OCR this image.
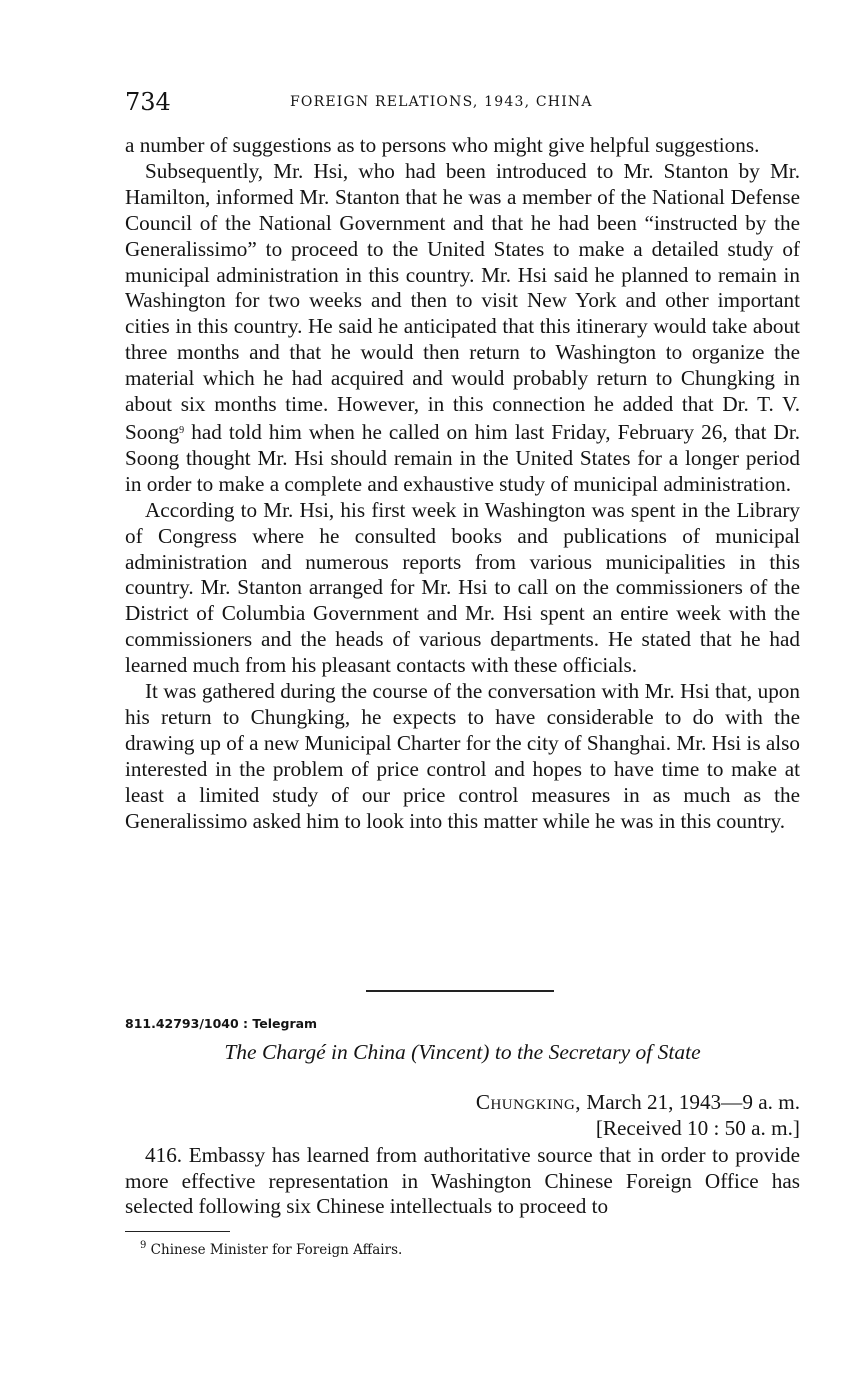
734	FOREIGN RELATIONS, 1943, CHINA

a number of suggestions as to persons who might give helpful suggestions.

Subsequently, Mr. Hsi, who had been introduced to Mr. Stanton by Mr. Hamilton, informed Mr. Stanton that he was a member of the National Defense Council of the National Government and that he had been “instructed by the Generalissimo” to proceed to the United States to make a detailed study of municipal administration in this country. Mr. Hsi said he planned to remain in Washington for two weeks and then to visit New York and other important cities in this country. He said he anticipated that this itinerary would take about three months and that he would then return to Washington to organize the material which he had acquired and would probably return to Chungking in about six months time. However, in this connection he added that Dr. T. V. Soong$^9$ had told him when he called on him last Friday, February 26, that Dr. Soong thought Mr. Hsi should remain in the United States for a longer period in order to make a complete and exhaustive study of municipal administration.

According to Mr. Hsi, his first week in Washington was spent in the Library of Congress where he consulted books and publications of municipal administration and numerous reports from various municipalities in this country. Mr. Stanton arranged for Mr. Hsi to call on the commissioners of the District of Columbia Government and Mr. Hsi spent an entire week with the commissioners and the heads of various departments. He stated that he had learned much from his pleasant contacts with these officials.

It was gathered during the course of the conversation with Mr. Hsi that, upon his return to Chungking, he expects to have considerable to do with the drawing up of a new Municipal Charter for the city of Shanghai. Mr. Hsi is also interested in the problem of price control and hopes to have time to make at least a limited study of our price control measures in as much as the Generalissimo asked him to look into this matter while he was in this country.

811.42793/1040 : Telegram
The Chargé in China (Vincent) to the Secretary of State
Chungking, March 21, 1943—9 a. m.
[Received 10 : 50 a. m.]

416. Embassy has learned from authoritative source that in order to provide more effective representation in Washington Chinese Foreign Office has selected following six Chinese intellectuals to proceed to

$^9$ Chinese Minister for Foreign Affairs.
